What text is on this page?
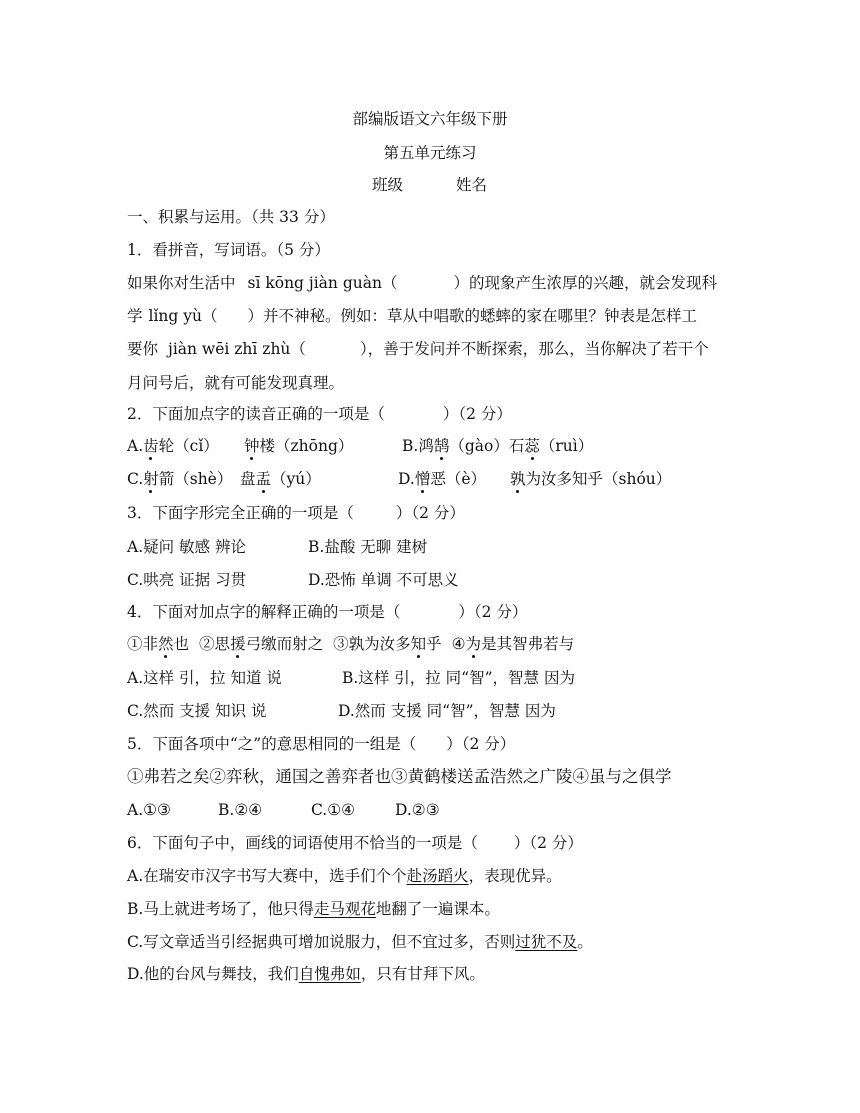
部编版语文六年级下册
第五单元练习
班级	姓名
一、积累与运用。（共 33 分）
1．看拼音，写词语。（5 分）
如果你对生活中 sī kōng jiàn guàn（	）的现象产生浓厚的兴趣，就会发现科
学 lǐng yù（ ）并不神秘。例如：草从中唱歌的蟋蟀的家在哪里？钟表是怎样工
要你 jiàn wēi zhī zhù（	），善于发问并不断探索，那么，当你解决了若干个
月问号后，就有可能发现真理。
2．下面加点字的读音正确的一项是（	）（2 分）
A.齿轮（cǐ） 钟楼（zhōng）	B.鸿鹄（gào）石蕊（ruì）
C.射箭（shè） 盘盂（yú）	D.憎恶（è） 孰为汝多知乎（shóu）
3．下面字形完全正确的一项是（	）（2 分）
A.疑问 敏感 辨论	B.盐酸 无聊 建树
C.哄亮 证据 习贯	D.恐怖 单调 不可思义
4．下面对加点字的解释正确的一项是（	）（2 分）
①非然也 ②思援弓缴而射之 ③孰为汝多知乎 ④为是其智弗若与
A.这样 引，拉 知道 说	B.这样 引，拉 同“智”，智慧 因为
C.然而 支援 知识 说	D.然而 支援 同“智”，智慧 因为
5．下面各项中“之”的意思相同的一组是（ ）（2 分）
①弗若之矣②弈秋，通国之善弈者也③黄鹤楼送孟浩然之广陵④虽与之俱学
A.①③	B.②④	C.①④	D.②③
6．下面句子中，画线的词语使用不恰当的一项是（ ）（2 分）
A.在瑞安市汉字书写大赛中，选手们个个赴汤蹈火，表现优异。
B.马上就进考场了，他只得走马观花地翻了一遍课本。
C.写文章适当引经据典可增加说服力，但不宜过多，否则过犹不及。
D.他的台风与舞技，我们自愧弗如，只有甘拜下风。
